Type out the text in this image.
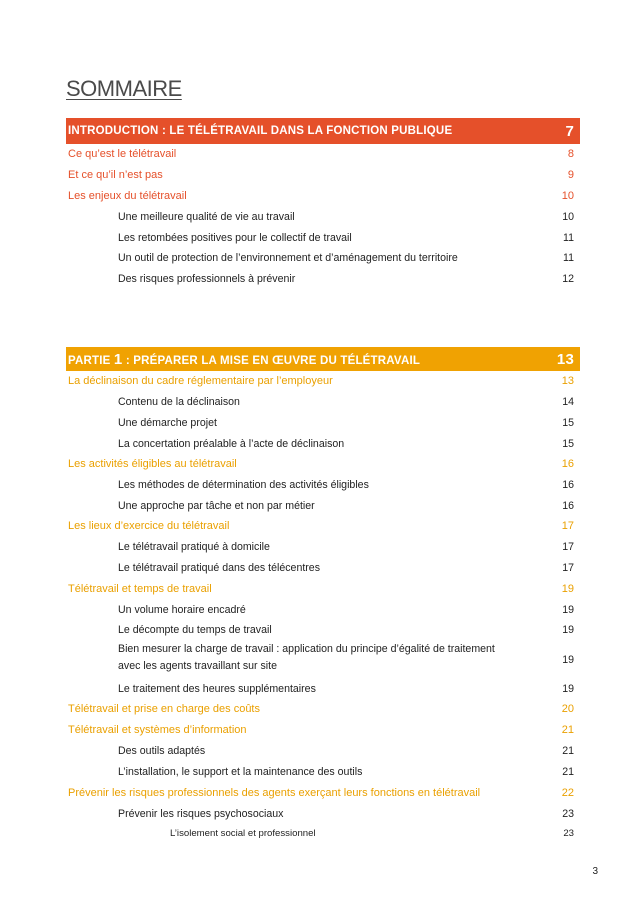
SOMMAIRE
INTRODUCTION : LE TÉLÉTRAVAIL DANS LA FONCTION PUBLIQUE	7
Ce qu’est le télétravail	8
Et ce qu’il n’est pas	9
Les enjeux du télétravail	10
Une meilleure qualité de vie au travail	10
Les retombées positives pour le collectif de travail	11
Un outil de protection de l’environnement et d’aménagement du territoire	11
Des risques professionnels à prévenir	12
PARTIE 1 : PRÉPARER LA MISE EN ŒUVRE DU TÉLÉTRAVAIL	13
La déclinaison du cadre réglementaire par l’employeur	13
Contenu de la déclinaison	14
Une démarche projet	15
La concertation préalable à l’acte de déclinaison	15
Les activités éligibles au télétravail	16
Les méthodes de détermination des activités éligibles	16
Une approche par tâche et non par métier	16
Les lieux d’exercice du télétravail	17
Le télétravail pratiqué à domicile	17
Le télétravail pratiqué dans des télécentres	17
Télétravail et temps de travail	19
Un volume horaire encadré	19
Le décompte du temps de travail	19
Bien mesurer la charge de travail : application du principe d’égalité de traitement
avec les agents travaillant sur site	19
Le traitement des heures supplémentaires	19
Télétravail et prise en charge des coûts	20
Télétravail et systèmes d’information	21
Des outils adaptés	21
L’installation, le support et la maintenance des outils	21
Prévenir les risques professionnels des agents exerçant leurs fonctions en télétravail	22
Prévenir les risques psychosociaux	23
L’isolement social et professionnel	23
3
